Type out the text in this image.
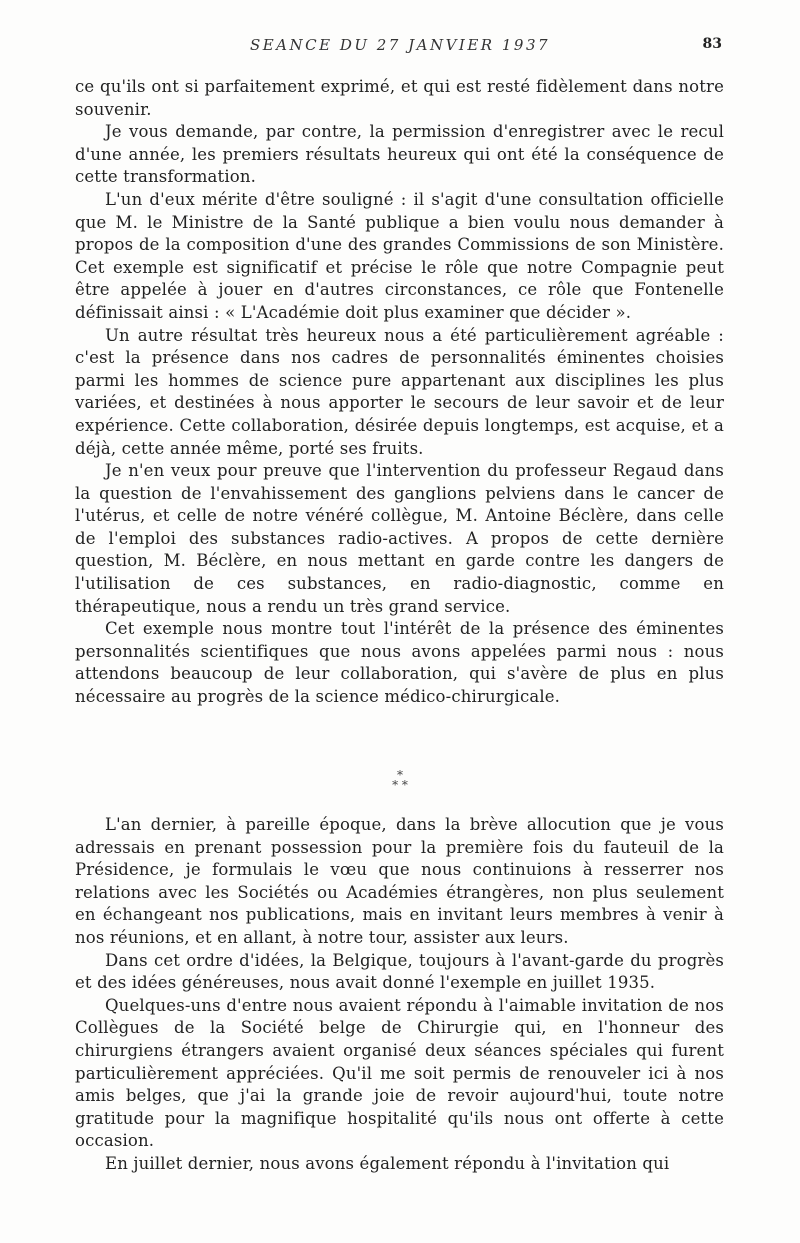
SEANCE DU 27 JANVIER 1937	83

ce qu'ils ont si parfaitement exprimé, et qui est resté fidèlement dans notre souvenir.

Je vous demande, par contre, la permission d'enregistrer avec le recul d'une année, les premiers résultats heureux qui ont été la conséquence de cette transformation.

L'un d'eux mérite d'être souligné : il s'agit d'une consultation officielle que M. le Ministre de la Santé publique a bien voulu nous demander à propos de la composition d'une des grandes Commissions de son Ministère. Cet exemple est significatif et précise le rôle que notre Compagnie peut être appelée à jouer en d'autres circonstances, ce rôle que Fontenelle définissait ainsi : « L'Académie doit plus examiner que décider ».

Un autre résultat très heureux nous a été particulièrement agréable : c'est la présence dans nos cadres de personnalités éminentes choisies parmi les hommes de science pure appartenant aux disciplines les plus variées, et destinées à nous apporter le secours de leur savoir et de leur expérience. Cette collaboration, désirée depuis longtemps, est acquise, et a déjà, cette année même, porté ses fruits.

Je n'en veux pour preuve que l'intervention du professeur Regaud dans la question de l'envahissement des ganglions pelviens dans le cancer de l'utérus, et celle de notre vénéré collègue, M. Antoine Béclère, dans celle de l'emploi des substances radio-actives. A propos de cette dernière question, M. Béclère, en nous mettant en garde contre les dangers de l'utilisation de ces substances, en radio-diagnostic, comme en thérapeutique, nous a rendu un très grand service.

Cet exemple nous montre tout l'intérêt de la présence des éminentes personnalités scientifiques que nous avons appelées parmi nous : nous attendons beaucoup de leur collaboration, qui s'avère de plus en plus nécessaire au progrès de la science médico-chirurgicale.

*
* *

L'an dernier, à pareille époque, dans la brève allocution que je vous adressais en prenant possession pour la première fois du fauteuil de la Présidence, je formulais le vœu que nous continuions à resserrer nos relations avec les Sociétés ou Académies étrangères, non plus seulement en échangeant nos publications, mais en invitant leurs membres à venir à nos réunions, et en allant, à notre tour, assister aux leurs.

Dans cet ordre d'idées, la Belgique, toujours à l'avant-garde du progrès et des idées généreuses, nous avait donné l'exemple en juillet 1935.

Quelques-uns d'entre nous avaient répondu à l'aimable invitation de nos Collègues de la Société belge de Chirurgie qui, en l'honneur des chirurgiens étrangers avaient organisé deux séances spéciales qui furent particulièrement appréciées. Qu'il me soit permis de renouveler ici à nos amis belges, que j'ai la grande joie de revoir aujourd'hui, toute notre gratitude pour la magnifique hospitalité qu'ils nous ont offerte à cette occasion.

En juillet dernier, nous avons également répondu à l'invitation qui
